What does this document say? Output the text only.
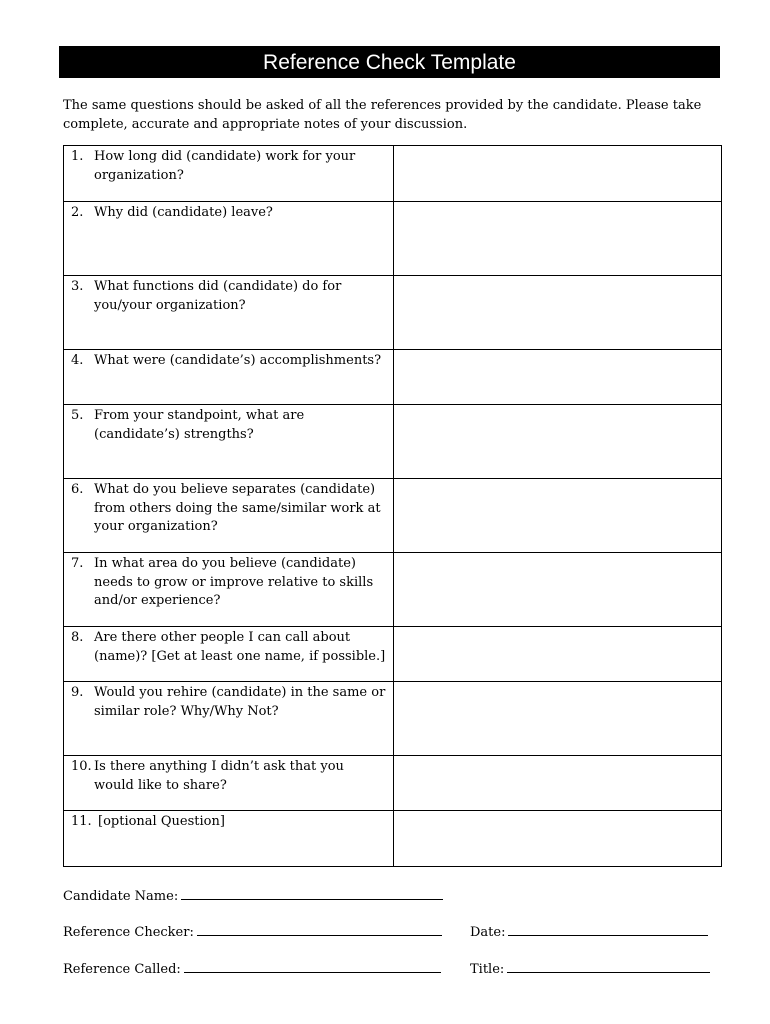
Reference Check Template
The same questions should be asked of all the references provided by the candidate. Please take complete, accurate and appropriate notes of your discussion.
1. How long did (candidate) work for your organization?	

2. Why did (candidate) leave?	

3. What functions did (candidate) do for you/your organization?	

4. What were (candidate’s) accomplishments?	

5. From your standpoint, what are (candidate’s) strengths?	

6. What do you believe separates (candidate) from others doing the same/similar work at your organization?	

7. In what area do you believe (candidate) needs to grow or improve relative to skills and/or experience?	

8. Are there other people I can call about (name)? [Get at least one name, if possible.]	

9. Would you rehire (candidate) in the same or similar role? Why/Why Not?	

10. Is there anything I didn’t ask that you would like to share?	

11. [optional Question]	

Candidate Name:
Reference Checker:	Date:
Reference Called:	Title:
